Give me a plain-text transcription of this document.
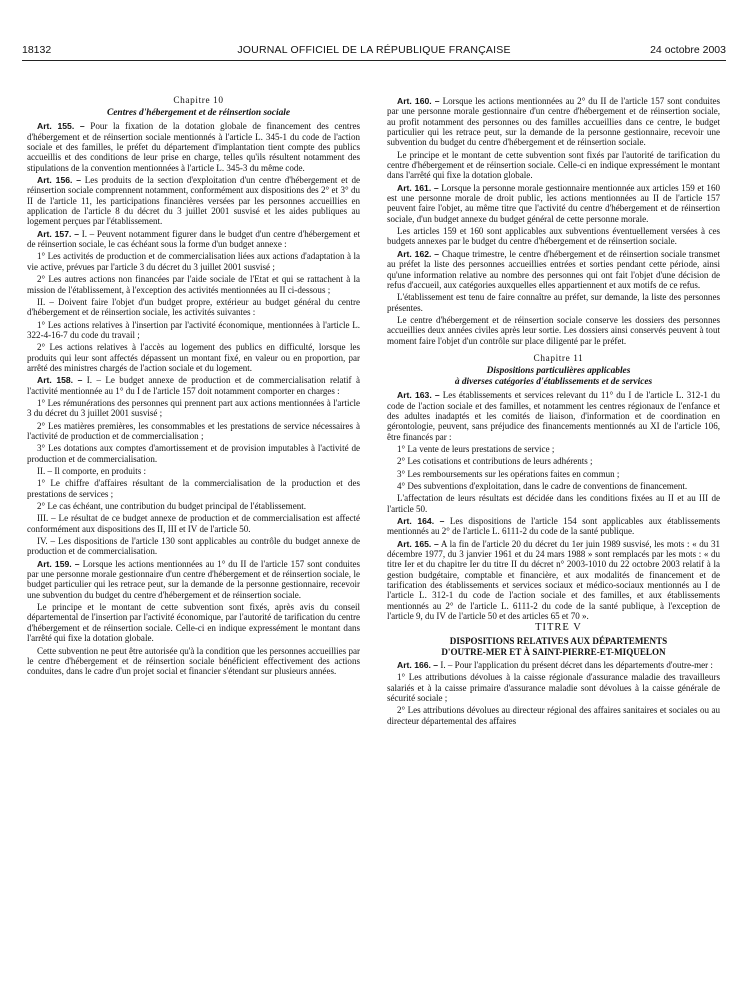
18132	JOURNAL OFFICIEL DE LA RÉPUBLIQUE FRANÇAISE	24 octobre 2003

Chapitre 10

Centres d'hébergement et de réinsertion sociale

Art. 155. – Pour la fixation de la dotation globale de financement des centres d'hébergement et de réinsertion sociale mentionnés à l'article L. 345-1 du code de l'action sociale et des familles, le préfet du département d'implantation tient compte des publics accueillis et des conditions de leur prise en charge, telles qu'ils résultent notamment des stipulations de la convention mentionnées à l'article L. 345-3 du même code.

Art. 156. – Les produits de la section d'exploitation d'un centre d'hébergement et de réinsertion sociale comprennent notamment, conformément aux dispositions des 2° et 3° du II de l'article 11, les participations financières versées par les personnes accueillies en application de l'article 8 du décret du 3 juillet 2001 susvisé et les aides publiques au logement perçues par l'établissement.

Art. 157. – I. – Peuvent notamment figurer dans le budget d'un centre d'hébergement et de réinsertion sociale, le cas échéant sous la forme d'un budget annexe :

1° Les activités de production et de commercialisation liées aux actions d'adaptation à la vie active, prévues par l'article 3 du décret du 3 juillet 2001 susvisé ;

2° Les autres actions non financées par l'aide sociale de l'Etat et qui se rattachent à la mission de l'établissement, à l'exception des activités mentionnées au II ci-dessous ;

II. – Doivent faire l'objet d'un budget propre, extérieur au budget général du centre d'hébergement et de réinsertion sociale, les activités suivantes :

1° Les actions relatives à l'insertion par l'activité économique, mentionnées à l'article L. 322-4-16-7 du code du travail ;

2° Les actions relatives à l'accès au logement des publics en difficulté, lorsque les produits qui leur sont affectés dépassent un montant fixé, en valeur ou en proportion, par arrêté des ministres chargés de l'action sociale et du logement.

Art. 158. – I. – Le budget annexe de production et de commercialisation relatif à l'activité mentionnée au 1° du I de l'article 157 doit notamment comporter en charges :

1° Les rémunérations des personnes qui prennent part aux actions mentionnées à l'article 3 du décret du 3 juillet 2001 susvisé ;

2° Les matières premières, les consommables et les prestations de service nécessaires à l'activité de production et de commercialisation ;

3° Les dotations aux comptes d'amortissement et de provision imputables à l'activité de production et de commercialisation.

II. – Il comporte, en produits :

1° Le chiffre d'affaires résultant de la commercialisation de la production et des prestations de services ;

2° Le cas échéant, une contribution du budget principal de l'établissement.

III. – Le résultat de ce budget annexe de production et de commercialisation est affecté conformément aux dispositions des II, III et IV de l'article 50.

IV. – Les dispositions de l'article 130 sont applicables au contrôle du budget annexe de production et de commercialisation.

Art. 159. – Lorsque les actions mentionnées au 1° du II de l'article 157 sont conduites par une personne morale gestionnaire d'un centre d'hébergement et de réinsertion sociale, le budget particulier qui les retrace peut, sur la demande de la personne gestionnaire, recevoir une subvention du budget du centre d'hébergement et de réinsertion sociale.

Le principe et le montant de cette subvention sont fixés, après avis du conseil départemental de l'insertion par l'activité économique, par l'autorité de tarification du centre d'hébergement et de réinsertion sociale. Celle-ci en indique expressément le montant dans l'arrêté qui fixe la dotation globale.

Cette subvention ne peut être autorisée qu'à la condition que les personnes accueillies par le centre d'hébergement et de réinsertion sociale bénéficient effectivement des actions conduites, dans le cadre d'un projet social et financier s'étendant sur plusieurs années.

Art. 160. – Lorsque les actions mentionnées au 2° du II de l'article 157 sont conduites par une personne morale gestionnaire d'un centre d'hébergement et de réinsertion sociale, au profit notamment des personnes ou des familles accueillies dans ce centre, le budget particulier qui les retrace peut, sur la demande de la personne gestionnaire, recevoir une subvention du budget du centre d'hébergement et de réinsertion sociale.

Le principe et le montant de cette subvention sont fixés par l'autorité de tarification du centre d'hébergement et de réinsertion sociale. Celle-ci en indique expressément le montant dans l'arrêté qui fixe la dotation globale.

Art. 161. – Lorsque la personne morale gestionnaire mentionnée aux articles 159 et 160 est une personne morale de droit public, les actions mentionnées au II de l'article 157 peuvent faire l'objet, au même titre que l'activité du centre d'hébergement et de réinsertion sociale, d'un budget annexe du budget général de cette personne morale.

Les articles 159 et 160 sont applicables aux subventions éventuellement versées à ces budgets annexes par le budget du centre d'hébergement et de réinsertion sociale.

Art. 162. – Chaque trimestre, le centre d'hébergement et de réinsertion sociale transmet au préfet la liste des personnes accueillies entrées et sorties pendant cette période, ainsi qu'une information relative au nombre des personnes qui ont fait l'objet d'une décision de refus d'accueil, aux catégories auxquelles elles appartiennent et aux motifs de ce refus.

L'établissement est tenu de faire connaître au préfet, sur demande, la liste des personnes présentes.

Le centre d'hébergement et de réinsertion sociale conserve les dossiers des personnes accueillies deux années civiles après leur sortie. Les dossiers ainsi conservés peuvent à tout moment faire l'objet d'un contrôle sur place diligenté par le préfet.

Chapitre 11

Dispositions particulières applicables
à diverses catégories d'établissements et de services

Art. 163. – Les établissements et services relevant du 11° du I de l'article L. 312-1 du code de l'action sociale et des familles, et notamment les centres régionaux de l'enfance et des adultes inadaptés et les comités de liaison, d'information et de coordination en gérontologie, peuvent, sans préjudice des financements mentionnés au XI de l'article 106, être financés par :

1° La vente de leurs prestations de service ;

2° Les cotisations et contributions de leurs adhérents ;

3° Les remboursements sur les opérations faites en commun ;

4° Des subventions d'exploitation, dans le cadre de conventions de financement.

L'affectation de leurs résultats est décidée dans les conditions fixées au II et au III de l'article 50.

Art. 164. – Les dispositions de l'article 154 sont applicables aux établissements mentionnés au 2° de l'article L. 6111-2 du code de la santé publique.

Art. 165. – A la fin de l'article 20 du décret du 1er juin 1989 susvisé, les mots : « du 31 décembre 1977, du 3 janvier 1961 et du 24 mars 1988 » sont remplacés par les mots : « du titre Ier et du chapitre Ier du titre II du décret n° 2003-1010 du 22 octobre 2003 relatif à la gestion budgétaire, comptable et financière, et aux modalités de financement et de tarification des établissements et services sociaux et médico-sociaux mentionnés au I de l'article L. 312-1 du code de l'action sociale et des familles, et aux établissements mentionnés au 2° de l'article L. 6111-2 du code de la santé publique, à l'exception de l'article 9, du IV de l'article 50 et des articles 65 et 70 ».

TITRE V

DISPOSITIONS RELATIVES AUX DÉPARTEMENTS
D'OUTRE-MER ET À SAINT-PIERRE-ET-MIQUELON

Art. 166. – I. – Pour l'application du présent décret dans les départements d'outre-mer :

1° Les attributions dévolues à la caisse régionale d'assurance maladie des travailleurs salariés et à la caisse primaire d'assurance maladie sont dévolues à la caisse générale de sécurité sociale ;

2° Les attributions dévolues au directeur régional des affaires sanitaires et sociales ou au directeur départemental des affaires
